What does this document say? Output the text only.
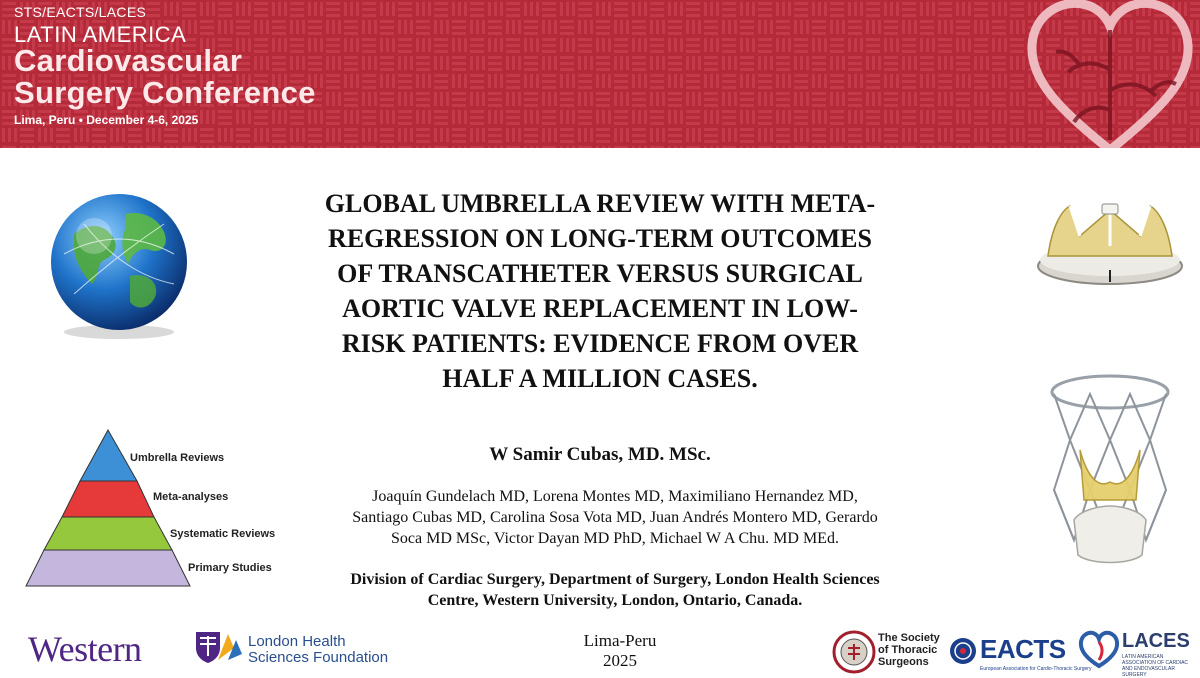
STS/EACTS/LACES
LATIN AMERICA
Cardiovascular
Surgery Conference
Lima, Peru • December 4-6, 2025
GLOBAL UMBRELLA REVIEW WITH META-
REGRESSION ON LONG-TERM OUTCOMES
OF TRANSCATHETER VERSUS SURGICAL
AORTIC VALVE REPLACEMENT IN LOW-
RISK PATIENTS: EVIDENCE FROM OVER
HALF A MILLION CASES.
W Samir Cubas, MD. MSc.
Joaquín Gundelach MD, Lorena Montes MD, Maximiliano Hernandez MD,
Santiago Cubas MD, Carolina Sosa Vota MD, Juan Andrés Montero MD, Gerardo
Soca MD MSc, Victor Dayan MD PhD, Michael W A Chu. MD MEd.
Division of Cardiac Surgery, Department of Surgery, London Health Sciences
Centre, Western University, London, Ontario, Canada.
Lima-Peru
2025
Umbrella Reviews
Meta-analyses
Systematic Reviews
Primary Studies
Western	London Health
Sciences Foundation
The Society
of Thoracic
Surgeons	EACTS
European Association for Cardio-Thoracic Surgery
LACES
LATIN AMERICAN ASSOCIATION OF CARDIAC AND ENDOVASCULAR SURGERY
